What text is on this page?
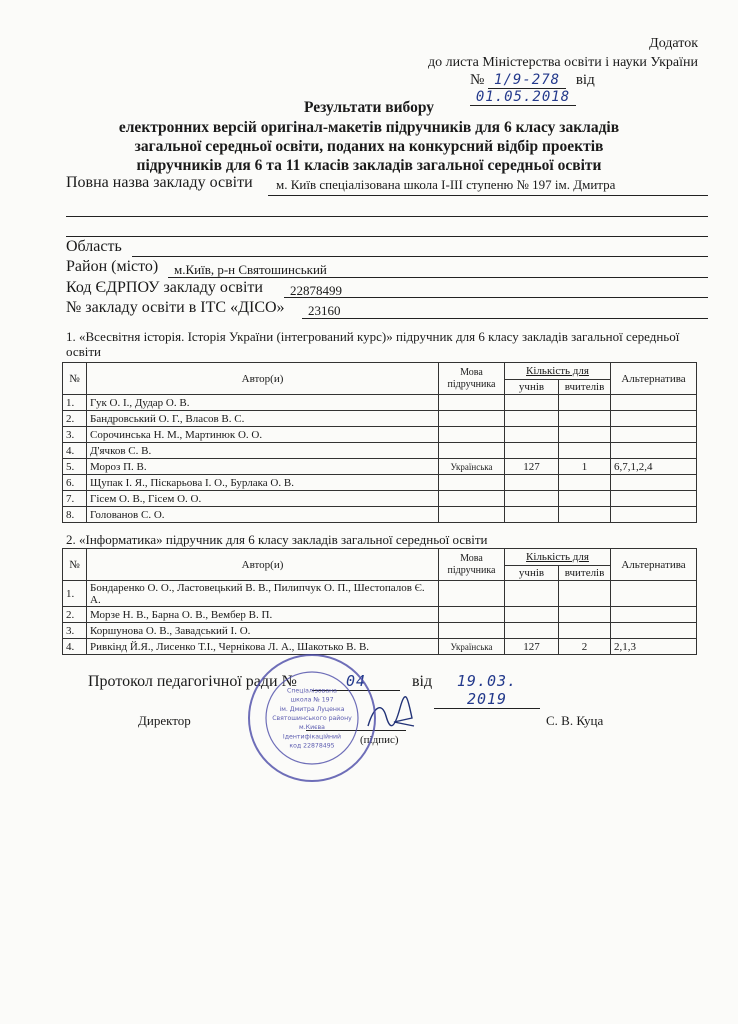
Додаток
до листа Міністерства освіти і науки України
№ 1/9-278 від 01.05.2018
Результати вибору
електронних версій оригінал-макетів підручників для 6 класу закладів
загальної середньої освіти, поданих на конкурсний відбір проектів
підручників для 6 та 11 класів закладів загальної середньої освіти
Повна назва закладу освіти м. Київ спеціалізована школа І-ІІІ ступеню № 197 ім. Дмитра
Область
Район (місто) м.Київ, р-н Святошинський
Код ЄДРПОУ закладу освіти 22878499
№ закладу освіти в ІТС «ДІСО» 23160
1. «Всесвітня історія. Історія України (інтегрований курс)» підручник для 6 класу закладів загальної середньої освіти
№	Автор(и)	Мова підручника	Кількість для		Альтернатива
			учнів	вчителів	
1.	Гук О. І., Дудар О. В.				
2.	Бандровський О. Г., Власов В. С.				
3.	Сорочинська Н. М., Мартинюк О. О.				
4.	Д'ячков С. В.				
5.	Мороз П. В.	Українська	127	1	6,7,1,2,4
6.	Щупак І. Я., Піскарьова І. О., Бурлака О. В.				
7.	Гісем О. В., Гісем О. О.				
8.	Голованов С. О.				
2. «Інформатика» підручник для 6 класу закладів загальної середньої освіти
№	Автор(и)	Мова підручника	Кількість для		Альтернатива
			учнів	вчителів	
1.	Бондаренко О. О., Ластовецький В. В., Пилипчук О. П., Шестопалов Є. А.				
2.	Морзе Н. В., Барна О. В., Вембер В. П.				
3.	Коршунова О. В., Завадський І. О.				
4.	Ривкінд Й.Я., Лисенко Т.І., Чернікова Л. А., Шакотько В. В.	Українська	127	2	2,1,3
Протокол педагогічної ради №	04	від	19.03. 2019
Директор
(підпис)
С. В. Куца
Спеціалізована
школа № 197
ім. Дмитра Луценка
Святошинського району
м.Києва
Ідентифікаційний
код 22878495
